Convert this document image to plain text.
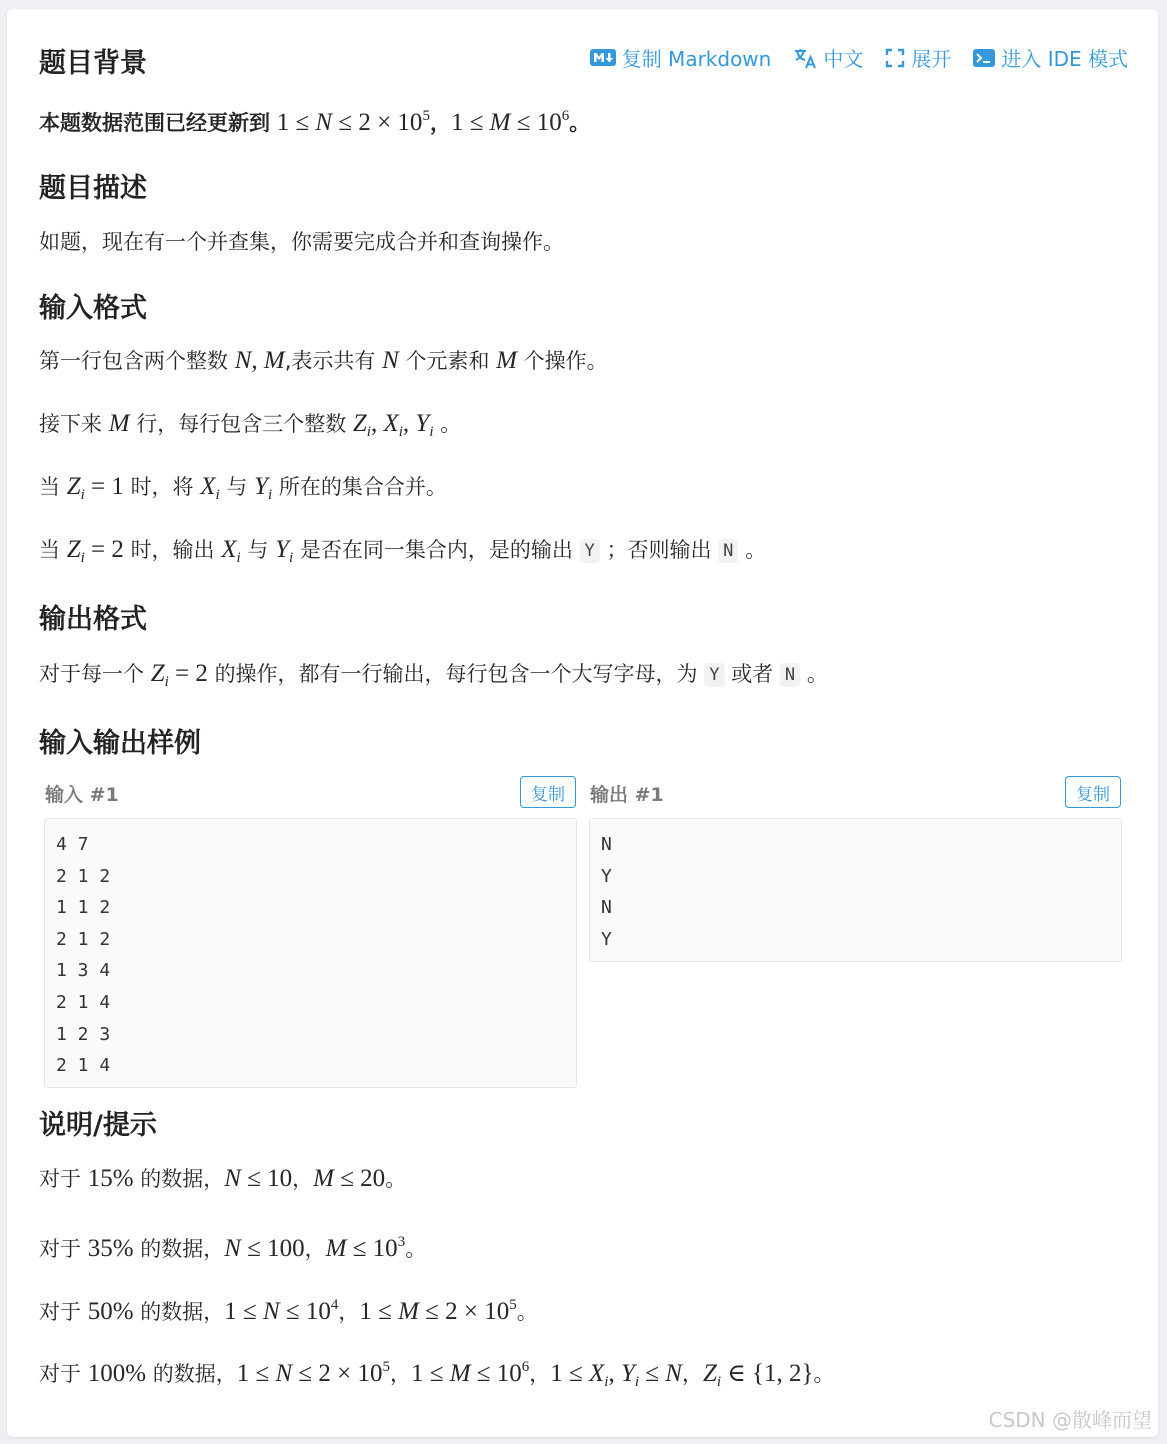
复制 Markdown	中文 展开	进入 IDE 模式
题目背景
本题数据范围已经更新到 $1 \le N \le 2 \times 10^5$，$1 \le M \le 10^6$。
题目描述
如题，现在有一个并查集，你需要完成合并和查询操作。
输入格式
第一行包含两个整数 N, M,表示共有 N 个元素和 M 个操作。
接下来 M 行，每行包含三个整数 $Z_i$, $X_i$, $Y_i$ 。
当 $Z_i = 1$ 时，将 $X_i$ 与 $Y_i$ 所在的集合合并。
当 $Z_i = 2$ 时，输出 $X_i$ 与 $Y_i$ 是否在同一集合内，是的输出 Y ；否则输出 N 。
输出格式
对于每一个 $Z_i = 2$ 的操作，都有一行输出，每行包含一个大写字母，为 Y 或者 N 。
输入输出样例
输入 #1	复制
4 7
2 1 2
1 1 2
2 1 2
1 3 4
2 1 4
1 2 3
2 1 4
输出 #1	复制
N
Y
N
Y
说明/提示
对于 15% 的数据，N ≤ 10，M ≤ 20。
对于 35% 的数据，N ≤ 100，$M \le 10^3$。
对于 50% 的数据，$1 \le N \le 10^4$，$1 \le M \le 2 \times 10^5$。
对于 100% 的数据，$1 \le N \le 2 \times 10^5$，$1 \le M \le 10^6$，$1 \le X_i$, $Y_i \le N$，$Z_i$ ∈ {1, 2}。
CSDN @散峰而望
